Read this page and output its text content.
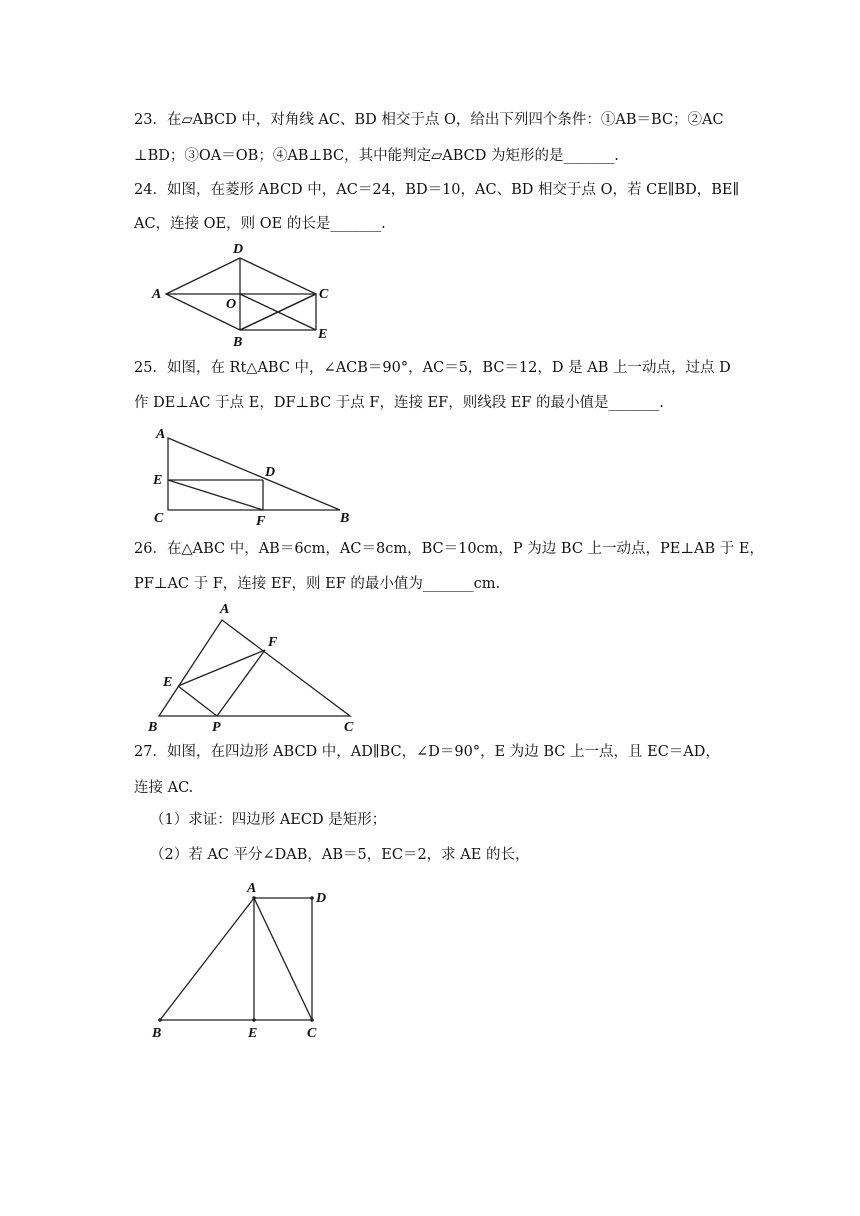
23．在▱ABCD 中，对角线 AC、BD 相交于点 O，给出下列四个条件：①AB＝BC；②AC
⊥BD；③OA＝OB；④AB⊥BC，其中能判定▱ABCD 为矩形的是_______.
24．如图，在菱形 ABCD 中，AC＝24，BD＝10，AC、BD 相交于点 O，若 CE∥BD，BE∥
AC，连接 OE，则 OE 的长是_______.
D
A
O
C
B
E
25．如图，在 Rt△ABC 中，∠ACB＝90°，AC＝5，BC＝12，D 是 AB 上一动点，过点 D
作 DE⊥AC 于点 E，DF⊥BC 于点 F，连接 EF，则线段 EF 的最小值是_______.
A
D
E
C	F	B
26．在△ABC 中，AB＝6cm，AC＝8cm，BC＝10cm，P 为边 BC 上一动点，PE⊥AB 于 E，
PF⊥AC 于 F，连接 EF，则 EF 的最小值为_______cm.
A
F
E
B	P	C
27．如图，在四边形 ABCD 中，AD∥BC，∠D＝90°，E 为边 BC 上一点，且 EC＝AD，
连接 AC.
（1）求证：四边形 AECD 是矩形；
（2）若 AC 平分∠DAB，AB＝5，EC＝2，求 AE 的长，
A
D
B	E	C
